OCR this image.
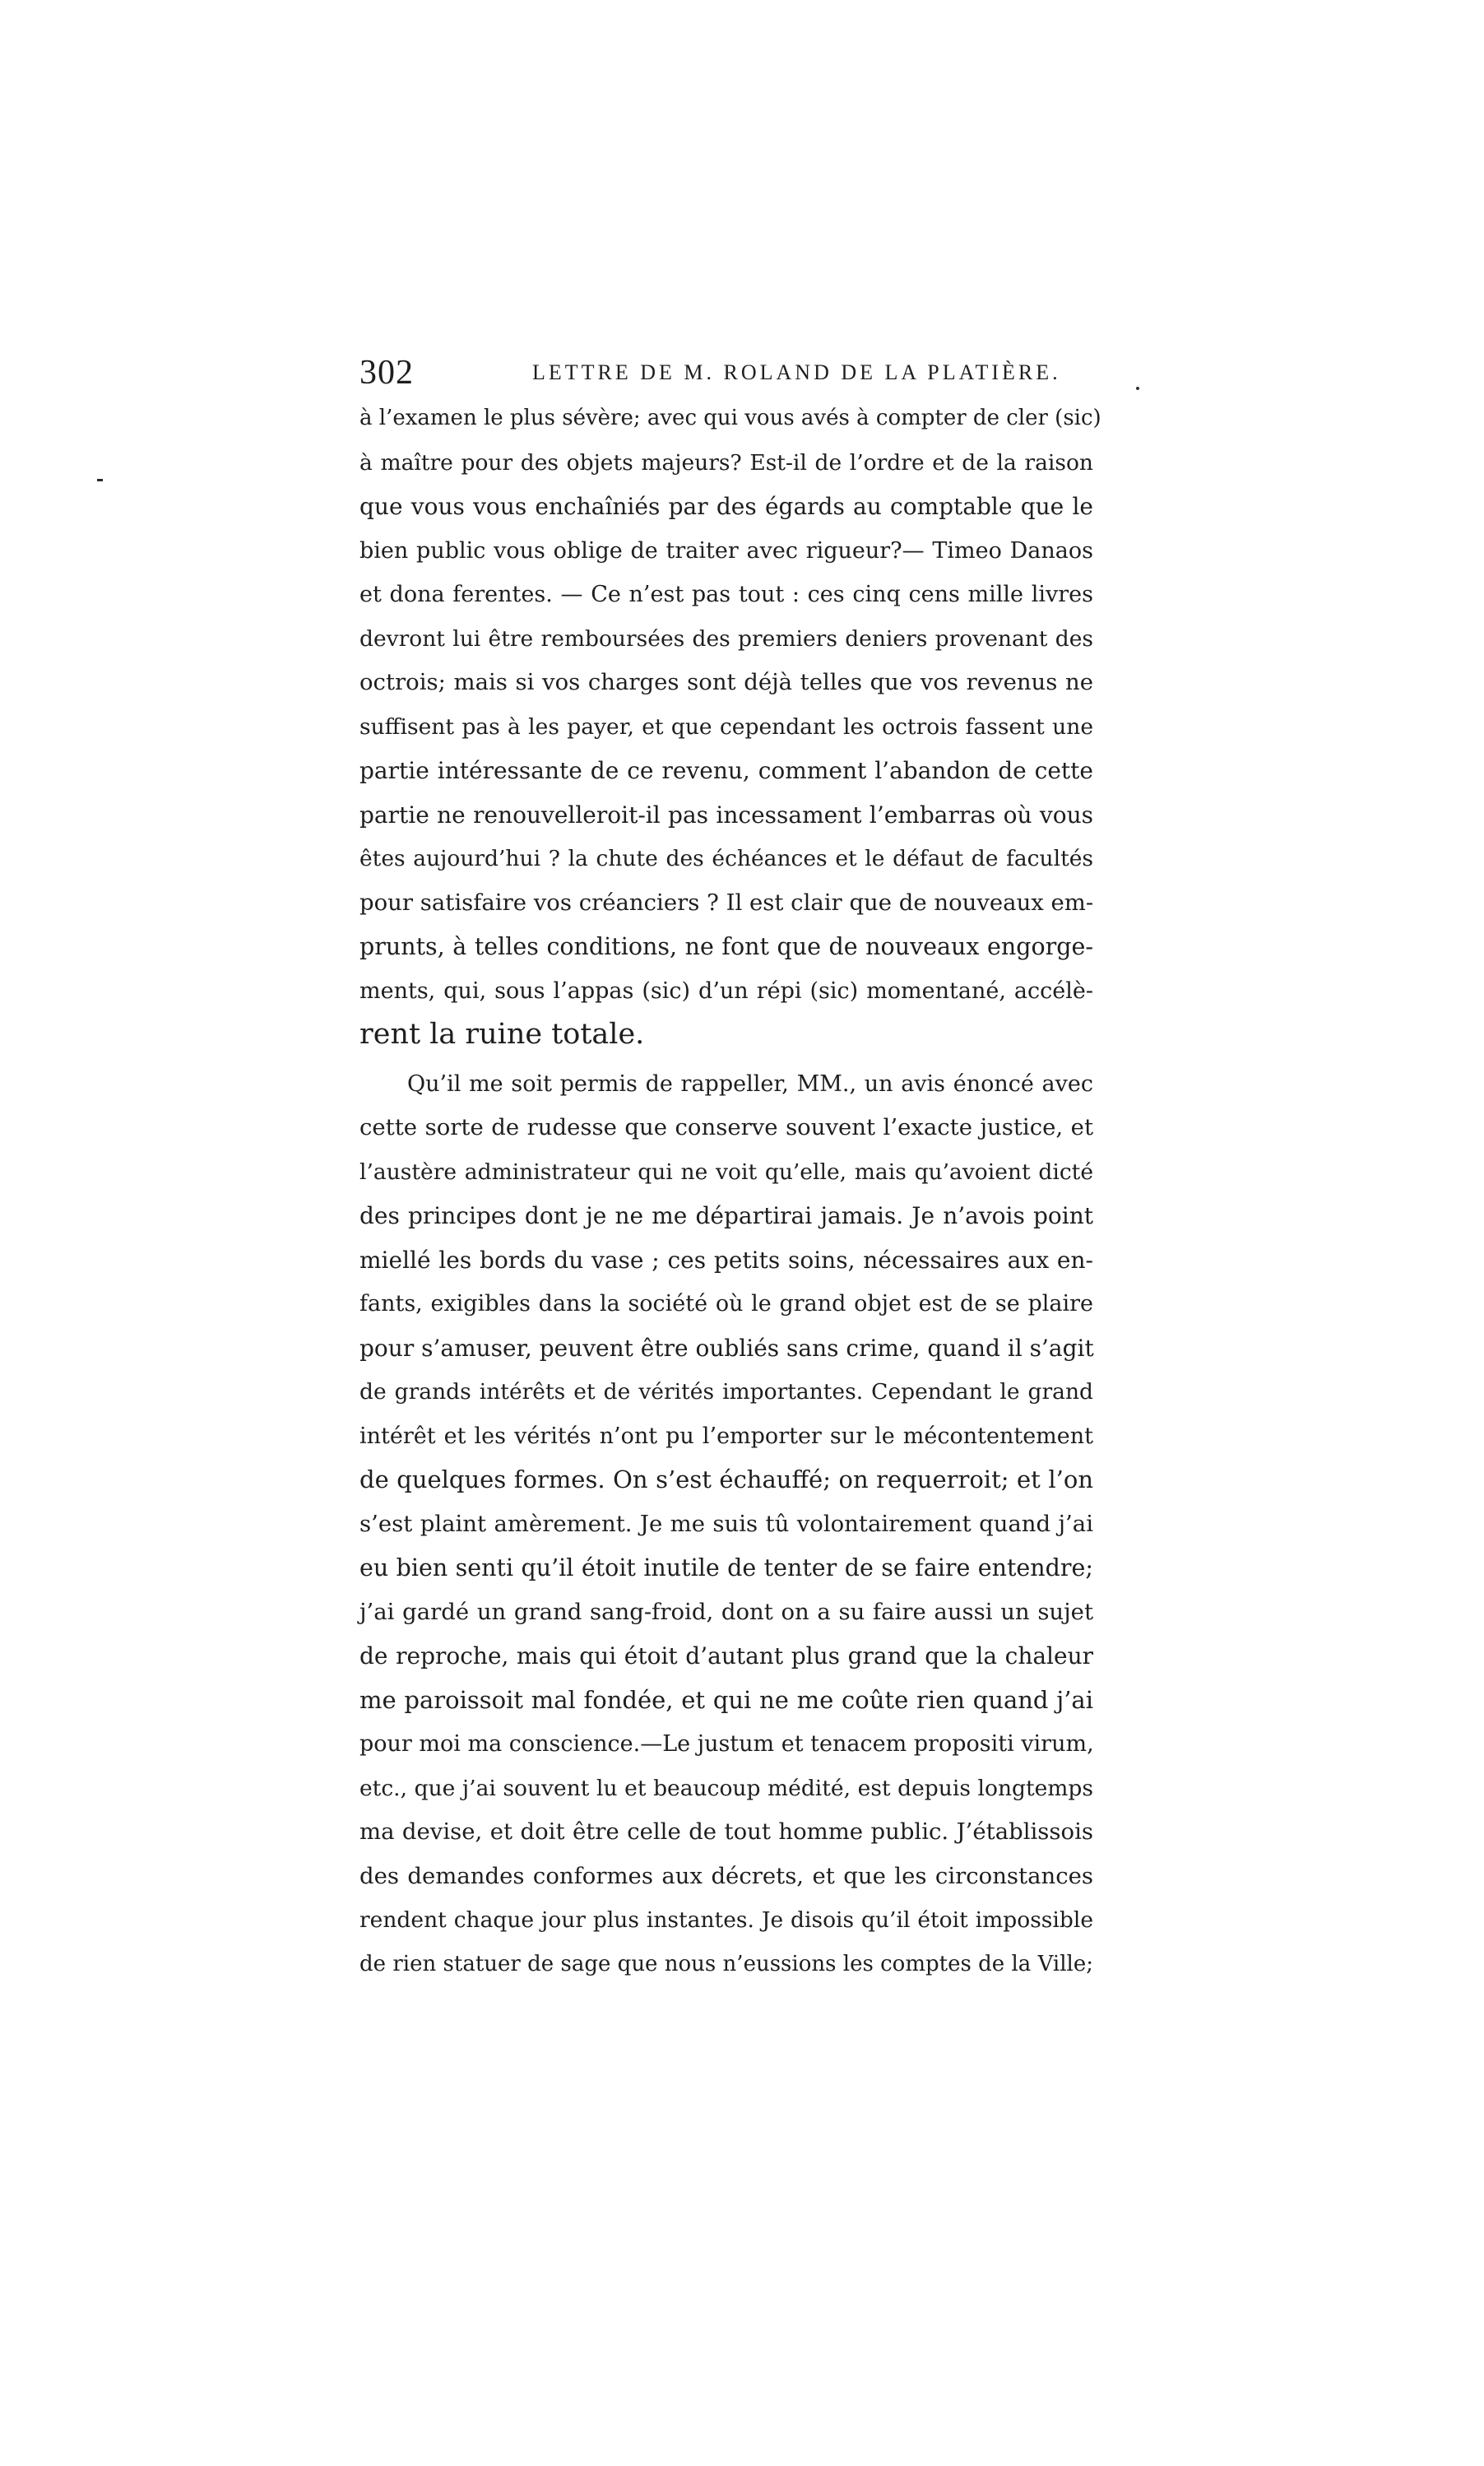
302	LETTRE DE M. ROLAND DE LA PLATIÈRE.
à l’examen le plus sévère; avec qui vous avés à compter de cler (sic)
à maître pour des objets majeurs? Est-il de l’ordre et de la raison
que vous vous enchaîniés par des égards au comptable que le
bien public vous oblige de traiter avec rigueur?— Timeo Danaos
et dona ferentes. — Ce n’est pas tout : ces cinq cens mille livres
devront lui être remboursées des premiers deniers provenant des
octrois; mais si vos charges sont déjà telles que vos revenus ne
suffisent pas à les payer, et que cependant les octrois fassent une
partie intéressante de ce revenu, comment l’abandon de cette
partie ne renouvelleroit-il pas incessament l’embarras où vous
êtes aujourd’hui ? la chute des échéances et le défaut de facultés
pour satisfaire vos créanciers ? Il est clair que de nouveaux em-
prunts, à telles conditions, ne font que de nouveaux engorge-
ments, qui, sous l’appas (sic) d’un répi (sic) momentané, accélè-
rent la ruine totale.
Qu’il me soit permis de rappeller, MM., un avis énoncé avec
cette sorte de rudesse que conserve souvent l’exacte justice, et
l’austère administrateur qui ne voit qu’elle, mais qu’avoient dicté
des principes dont je ne me départirai jamais. Je n’avois point
miellé les bords du vase ; ces petits soins, nécessaires aux en-
fants, exigibles dans la société où le grand objet est de se plaire
pour s’amuser, peuvent être oubliés sans crime, quand il s’agit
de grands intérêts et de vérités importantes. Cependant le grand
intérêt et les vérités n’ont pu l’emporter sur le mécontentement
de quelques formes. On s’est échauffé; on requerroit; et l’on
s’est plaint amèrement. Je me suis tû volontairement quand j’ai
eu bien senti qu’il étoit inutile de tenter de se faire entendre;
j’ai gardé un grand sang-froid, dont on a su faire aussi un sujet
de reproche, mais qui étoit d’autant plus grand que la chaleur
me paroissoit mal fondée, et qui ne me coûte rien quand j’ai
pour moi ma conscience.—Le justum et tenacem propositi virum,
etc., que j’ai souvent lu et beaucoup médité, est depuis longtemps
ma devise, et doit être celle de tout homme public. J’établissois
des demandes conformes aux décrets, et que les circonstances
rendent chaque jour plus instantes. Je disois qu’il étoit impossible
de rien statuer de sage que nous n’eussions les comptes de la Ville;
